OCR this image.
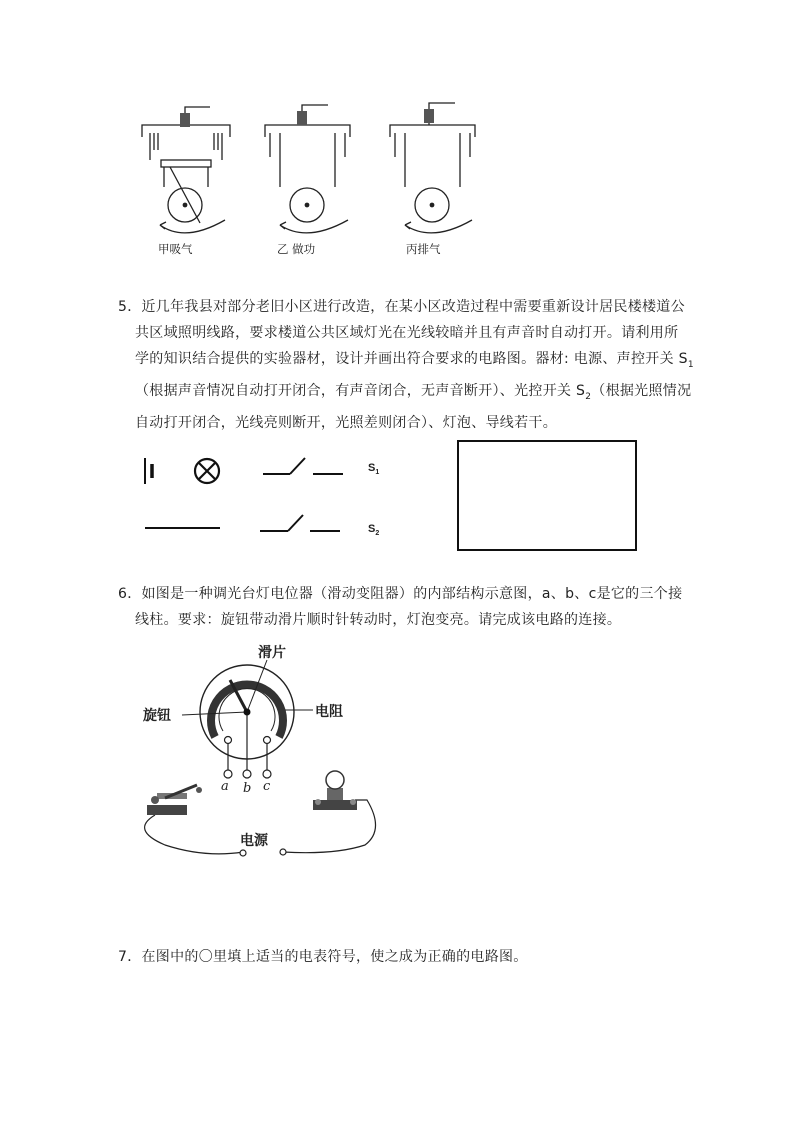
甲吸气	乙 做功	丙排气
5．近几年我县对部分老旧小区进行改造，在某小区改造过程中需要重新设计居民楼楼道公
共区域照明线路，要求楼道公共区域灯光在光线较暗并且有声音时自动打开。请利用所
学的知识结合提供的实验器材，设计并画出符合要求的电路图。器材: 电源、声控开关 $S_1$
（根据声音情况自动打开闭合，有声音闭合，无声音断开）、光控开关 $S_2$（根据光照情况
自动打开闭合，光线亮则断开，光照差则闭合）、灯泡、导线若干。
$S_1$
$S_2$
6．如图是一种调光台灯电位器（滑动变阻器）的内部结构示意图，a、b、c是它的三个接
线柱。要求：旋钮带动滑片顺时针转动时，灯泡变亮。请完成该电路的连接。
滑片
旋钮	电阻
a b c
电源
7．在图中的〇里填上适当的电表符号，使之成为正确的电路图。
